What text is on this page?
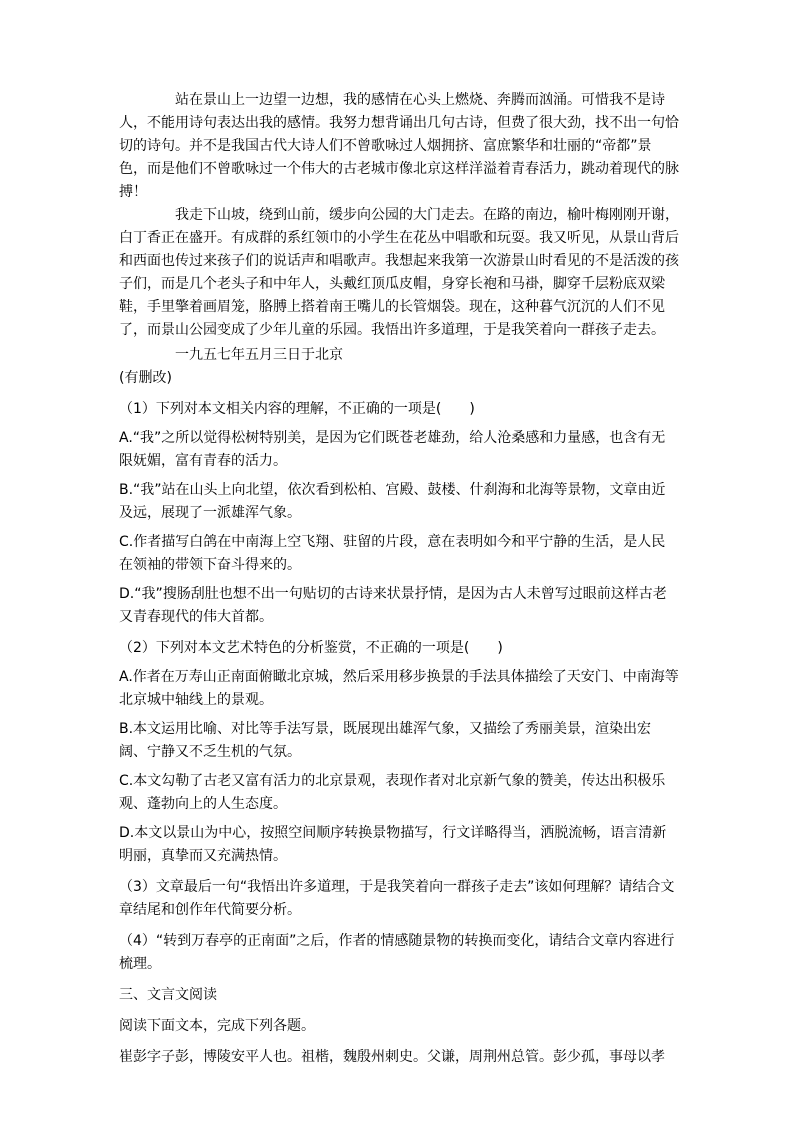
站在景山上一边望一边想，我的感情在心头上燃烧、奔腾而汹涌。可惜我不是诗人，不能用诗句表达出我的感情。我努力想背诵出几句古诗，但费了很大劲，找不出一句恰切的诗句。并不是我国古代大诗人们不曾歌咏过人烟拥挤、富庶繁华和壮丽的“帝都”景色，而是他们不曾歌咏过一个伟大的古老城市像北京这样洋溢着青春活力，跳动着现代的脉搏！

我走下山坡，绕到山前，缓步向公园的大门走去。在路的南边，榆叶梅刚刚开谢，白丁香正在盛开。有成群的系红领巾的小学生在花丛中唱歌和玩耍。我又听见，从景山背后和西面也传过来孩子们的说话声和唱歌声。我想起来我第一次游景山时看见的不是活泼的孩子们，而是几个老头子和中年人，头戴红顶瓜皮帽，身穿长袍和马褂，脚穿千层粉底双梁鞋，手里擎着画眉笼，胳膊上搭着南王嘴儿的长管烟袋。现在，这种暮气沉沉的人们不见了，而景山公园变成了少年儿童的乐园。我悟出许多道理，于是我笑着向一群孩子走去。

一九五七年五月三日于北京

(有删改)

（1）下列对本文相关内容的理解，不正确的一项是(　　)

A.“我”之所以觉得松树特别美，是因为它们既苍老雄劲，给人沧桑感和力量感，也含有无限妩媚，富有青春的活力。

B.“我”站在山头上向北望，依次看到松柏、宫殿、鼓楼、什刹海和北海等景物，文章由近及远，展现了一派雄浑气象。

C.作者描写白鸽在中南海上空飞翔、驻留的片段，意在表明如今和平宁静的生活，是人民在领袖的带领下奋斗得来的。

D.“我”搜肠刮肚也想不出一句贴切的古诗来状景抒情，是因为古人未曾写过眼前这样古老又青春现代的伟大首都。

（2）下列对本文艺术特色的分析鉴赏，不正确的一项是(　　)

A.作者在万寿山正南面俯瞰北京城，然后采用移步换景的手法具体描绘了天安门、中南海等北京城中轴线上的景观。

B.本文运用比喻、对比等手法写景，既展现出雄浑气象，又描绘了秀丽美景，渲染出宏阔、宁静又不乏生机的气氛。

C.本文勾勒了古老又富有活力的北京景观，表现作者对北京新气象的赞美，传达出积极乐观、蓬勃向上的人生态度。

D.本文以景山为中心，按照空间顺序转换景物描写，行文详略得当，洒脱流畅，语言清新明丽，真挚而又充满热情。

（3）文章最后一句“我悟出许多道理，于是我笑着向一群孩子走去”该如何理解？请结合文章结尾和创作年代简要分析。

（4）“转到万春亭的正南面”之后，作者的情感随景物的转换而变化，请结合文章内容进行梳理。

三、文言文阅读

阅读下面文本，完成下列各题。

崔彭字子彭，博陵安平人也。祖楷，魏殷州刺史。父谦，周荆州总管。彭少孤，事母以孝
